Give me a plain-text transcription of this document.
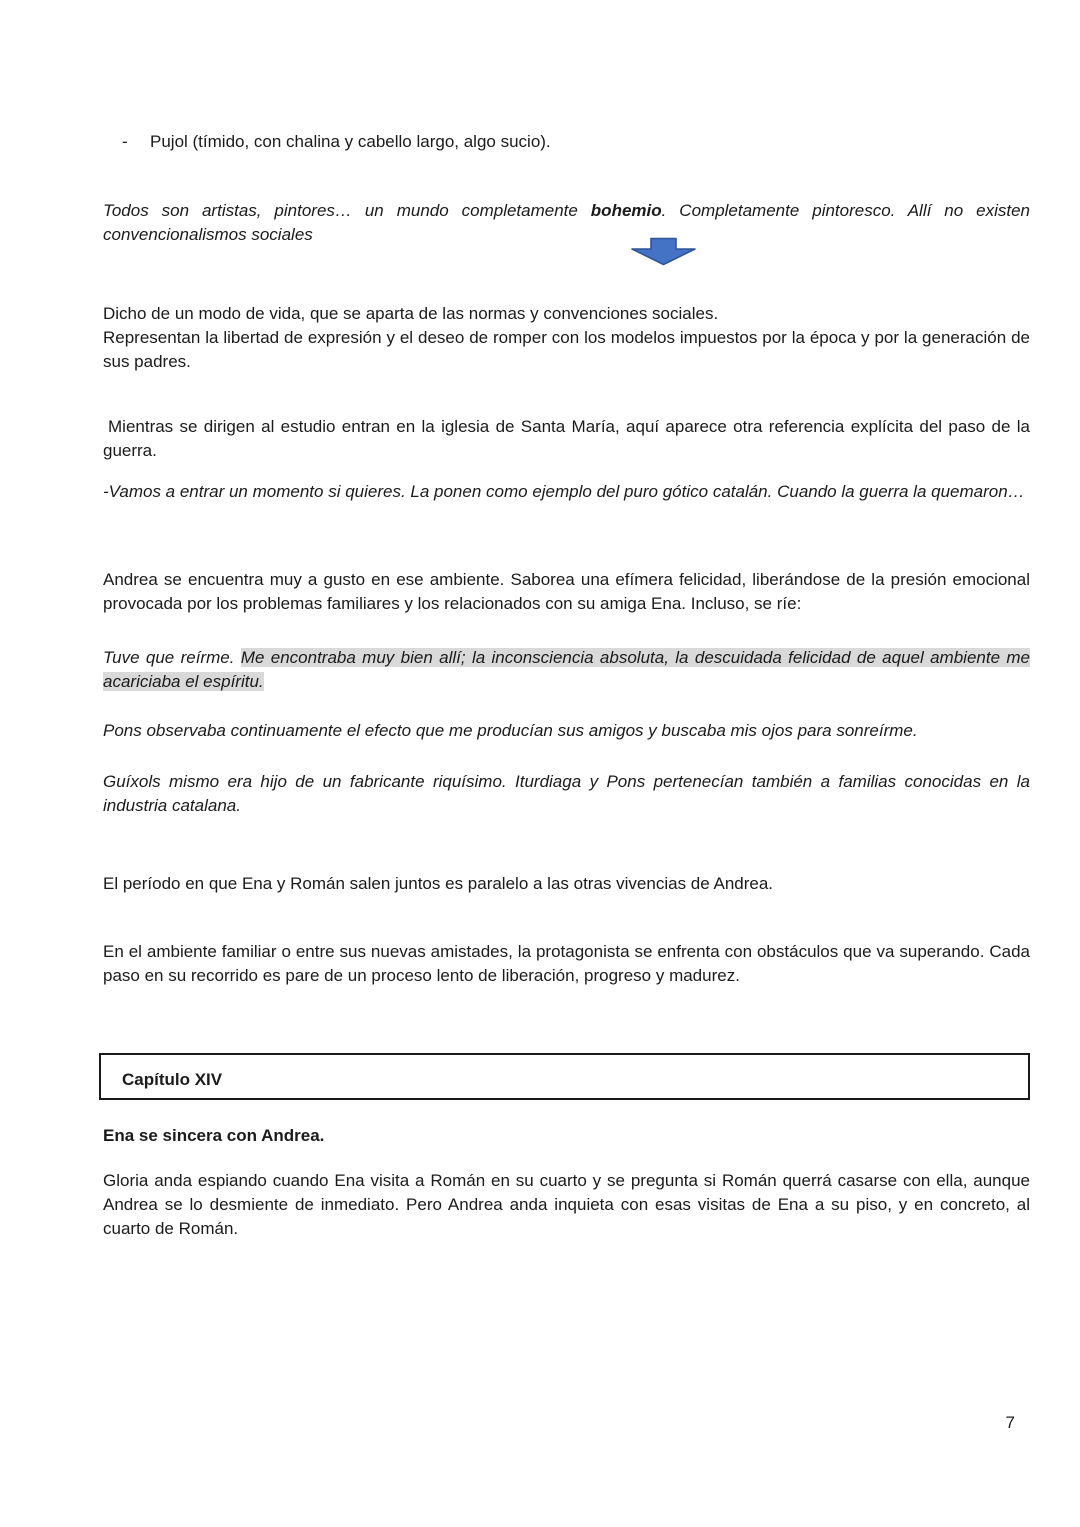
-	Pujol (tímido, con chalina y cabello largo, algo sucio).

Todos son artistas, pintores… un mundo completamente bohemio. Completamente pintoresco. Allí no existen convencionalismos sociales

Dicho de un modo de vida, que se aparta de las normas y convenciones sociales.
Representan la libertad de expresión y el deseo de romper con los modelos impuestos por la época y por la generación de sus padres.

Mientras se dirigen al estudio entran en la iglesia de Santa María, aquí aparece otra referencia explícita del paso de la guerra.

-Vamos a entrar un momento si quieres. La ponen como ejemplo del puro gótico catalán. Cuando la guerra la quemaron…

Andrea se encuentra muy a gusto en ese ambiente. Saborea una efímera felicidad, liberándose de la presión emocional provocada por los problemas familiares y los relacionados con su amiga Ena. Incluso, se ríe:

Tuve que reírme. Me encontraba muy bien allí; la inconsciencia absoluta, la descuidada felicidad de aquel ambiente me acariciaba el espíritu.

Pons observaba continuamente el efecto que me producían sus amigos y buscaba mis ojos para sonreírme.

Guíxols mismo era hijo de un fabricante riquísimo. Iturdiaga y Pons pertenecían también a familias conocidas en la industria catalana.

El período en que Ena y Román salen juntos es paralelo a las otras vivencias de Andrea.

En el ambiente familiar o entre sus nuevas amistades, la protagonista se enfrenta con obstáculos que va superando. Cada paso en su recorrido es pare de un proceso lento de liberación, progreso y madurez.

Capítulo XIV

Ena se sincera con Andrea.

Gloria anda espiando cuando Ena visita a Román en su cuarto y se pregunta si Román querrá casarse con ella, aunque Andrea se lo desmiente de inmediato. Pero Andrea anda inquieta con esas visitas de Ena a su piso, y en concreto, al cuarto de Román.

7
